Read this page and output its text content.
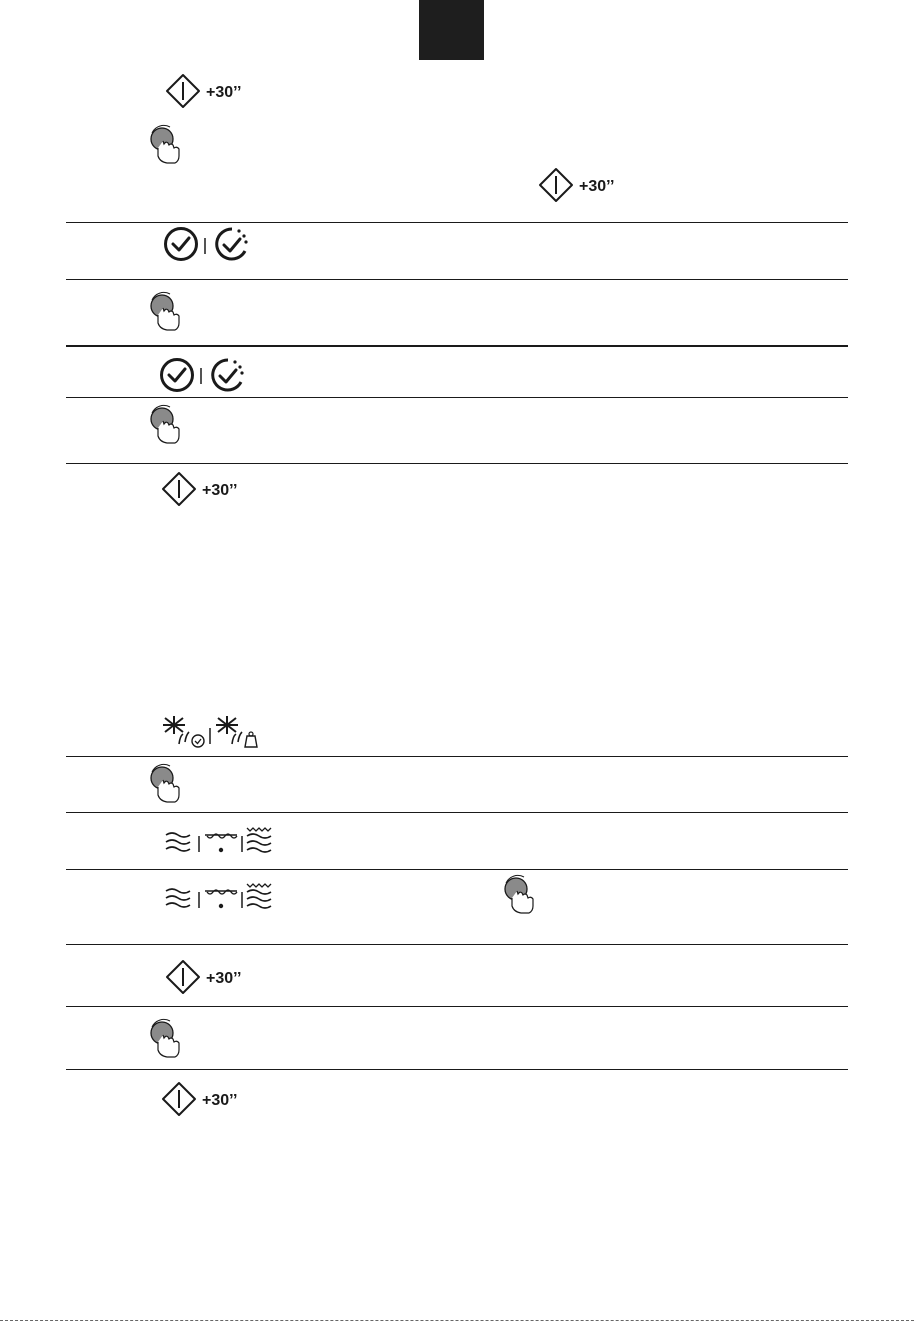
+30’’
+30’’
+30’’
+30’’
+30’’
